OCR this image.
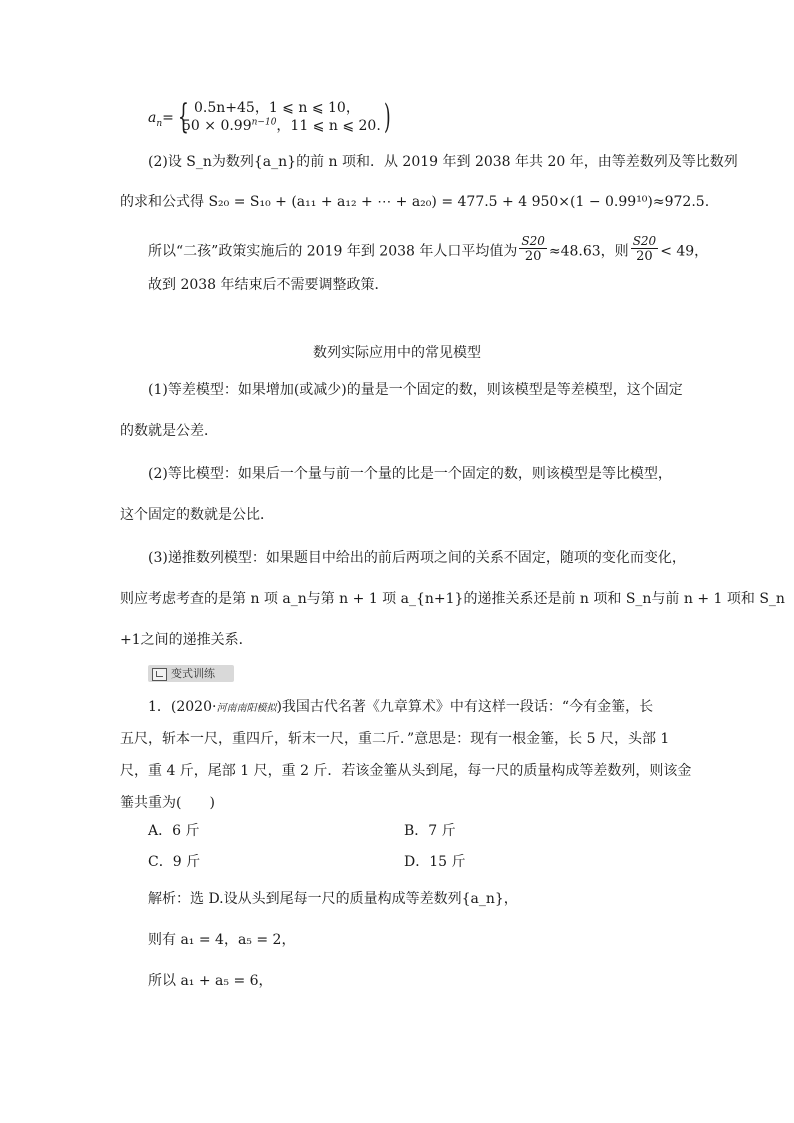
$a_n=$ { 0.5n+45，1 ⩽ n ⩽ 10，
$50 \times 0.99^{n-10}$，11 ⩽ n ⩽ 20. )
(2)设 S_n为数列{a_n}的前 n 项和．从 2019 年到 2038 年共 20 年，由等差数列及等比数列
的求和公式得 S₂₀ = S₁₀ + (a₁₁ + a₁₂ + ⋯ + a₂₀) = 477.5 + 4 950×(1 − 0.99¹⁰)≈972.5.
所以“二孩”政策实施后的 2019 年到 2038 年人口平均值为 $\frac{S20}{20} \approx 48.63$，则 $\frac{S20}{20} < 49$，
故到 2038 年结束后不需要调整政策．
数列实际应用中的常见模型
(1)等差模型：如果增加(或减少)的量是一个固定的数，则该模型是等差模型，这个固定
的数就是公差．
(2)等比模型：如果后一个量与前一个量的比是一个固定的数，则该模型是等比模型，
这个固定的数就是公比．
(3)递推数列模型：如果题目中给出的前后两项之间的关系不固定，随项的变化而变化，
则应考虑考查的是第 n 项 a_n与第 n + 1 项 a_{n+1}的递推关系还是前 n 项和 S_n与前 n + 1 项和 S_n
+1之间的递推关系．
变式训练
1．(2020·河南南阳模拟)我国古代名著《九章算术》中有这样一段话：“今有金箠，长
五尺，斩本一尺，重四斤，斩末一尺，重二斤．”意思是：现有一根金箠，长 5 尺，头部 1
尺，重 4 斤，尾部 1 尺，重 2 斤．若该金箠从头到尾，每一尺的质量构成等差数列，则该金
箠共重为(　　)
A．6 斤	B．7 斤
C．9 斤	D．15 斤
解析：选 D.设从头到尾每一尺的质量构成等差数列{a_n}，
则有 a₁ = 4，a₅ = 2，
所以 a₁ + a₅ = 6，
